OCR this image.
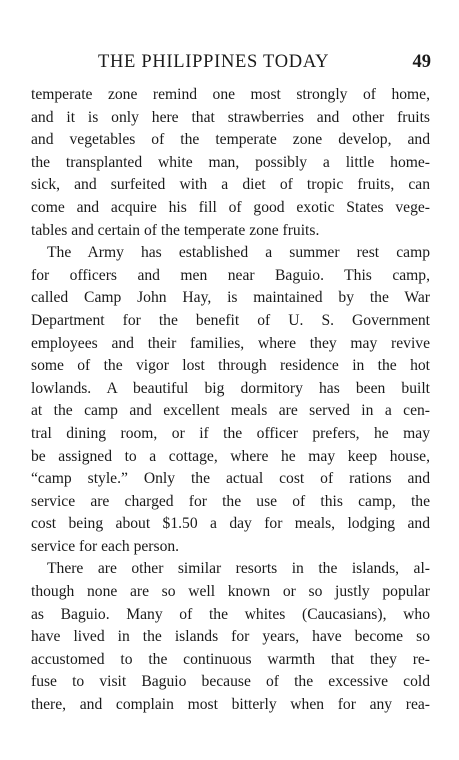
THE PHILIPPINES TODAY	49
temperate zone remind one most strongly of home,
and it is only here that strawberries and other fruits
and vegetables of the temperate zone develop, and
the transplanted white man, possibly a little home-
sick, and surfeited with a diet of tropic fruits, can
come and acquire his fill of good exotic States vege-
tables and certain of the temperate zone fruits.
The Army has established a summer rest camp
for officers and men near Baguio. This camp,
called Camp John Hay, is maintained by the War
Department for the benefit of U. S. Government
employees and their families, where they may revive
some of the vigor lost through residence in the hot
lowlands. A beautiful big dormitory has been built
at the camp and excellent meals are served in a cen-
tral dining room, or if the officer prefers, he may
be assigned to a cottage, where he may keep house,
“camp style.” Only the actual cost of rations and
service are charged for the use of this camp, the
cost being about $1.50 a day for meals, lodging and
service for each person.
There are other similar resorts in the islands, al-
though none are so well known or so justly popular
as Baguio. Many of the whites (Caucasians), who
have lived in the islands for years, have become so
accustomed to the continuous warmth that they re-
fuse to visit Baguio because of the excessive cold
there, and complain most bitterly when for any rea-
